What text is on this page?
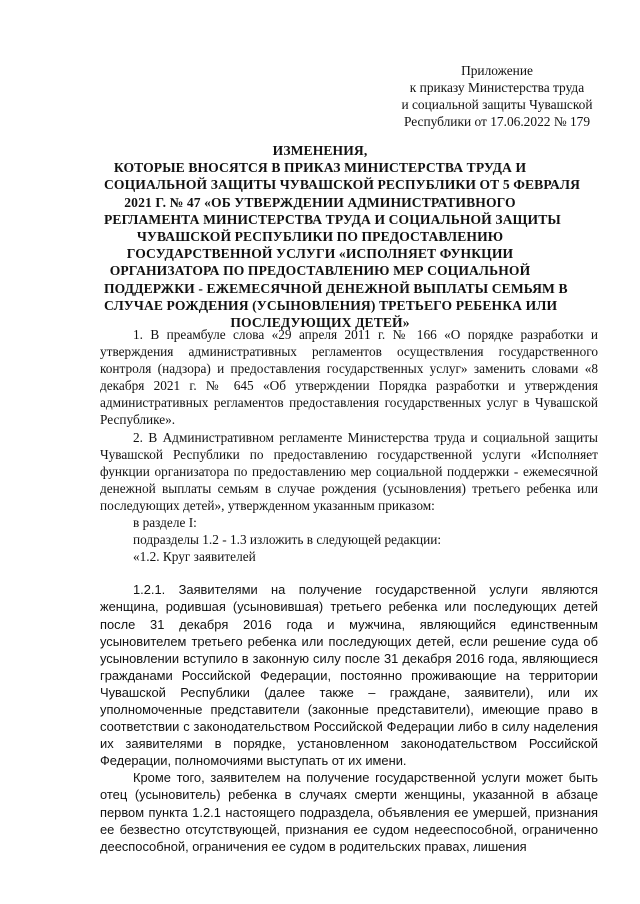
Приложение
к приказу Министерства труда
и социальной защиты Чувашской
Республики от 17.06.2022 № 179
ИЗМЕНЕНИЯ,
КОТОРЫЕ ВНОСЯТСЯ В ПРИКАЗ МИНИСТЕРСТВА ТРУДА И
СОЦИАЛЬНОЙ ЗАЩИТЫ ЧУВАШСКОЙ РЕСПУБЛИКИ ОТ 5 ФЕВРАЛЯ
2021 Г. № 47 «ОБ УТВЕРЖДЕНИИ АДМИНИСТРАТИВНОГО
РЕГЛАМЕНТА МИНИСТЕРСТВА ТРУДА И СОЦИАЛЬНОЙ ЗАЩИТЫ
ЧУВАШСКОЙ РЕСПУБЛИКИ ПО ПРЕДОСТАВЛЕНИЮ
ГОСУДАРСТВЕННОЙ УСЛУГИ «ИСПОЛНЯЕТ ФУНКЦИИ
ОРГАНИЗАТОРА ПО ПРЕДОСТАВЛЕНИЮ МЕР СОЦИАЛЬНОЙ
ПОДДЕРЖКИ - ЕЖЕМЕСЯЧНОЙ ДЕНЕЖНОЙ ВЫПЛАТЫ СЕМЬЯМ В
СЛУЧАЕ РОЖДЕНИЯ (УСЫНОВЛЕНИЯ) ТРЕТЬЕГО РЕБЕНКА ИЛИ
ПОСЛЕДУЮЩИХ ДЕТЕЙ»

1. В преамбуле слова «29 апреля 2011 г. № 166 «О порядке разработки и утверждения административных регламентов осуществления государственного контроля (надзора) и предоставления государственных услуг» заменить словами «8 декабря 2021 г. № 645 «Об утверждении Порядка разработки и утверждения административных регламентов предоставления государственных услуг в Чувашской Республике».

2. В Административном регламенте Министерства труда и социальной защиты Чувашской Республики по предоставлению государственной услуги «Исполняет функции организатора по предоставлению мер социальной поддержки - ежемесячной денежной выплаты семьям в случае рождения (усыновления) третьего ребенка или последующих детей», утвержденном указанным приказом:

в разделе I:

подразделы 1.2 - 1.3 изложить в следующей редакции:

«1.2. Круг заявителей

1.2.1. Заявителями на получение государственной услуги являются женщина, родившая (усыновившая) третьего ребенка или последующих детей после 31 декабря 2016 года и мужчина, являющийся единственным усыновителем третьего ребенка или последующих детей, если решение суда об усыновлении вступило в законную силу после 31 декабря 2016 года, являющиеся гражданами Российской Федерации, постоянно проживающие на территории Чувашской Республики (далее также – граждане, заявители), или их уполномоченные представители (законные представители), имеющие право в соответствии с законодательством Российской Федерации либо в силу наделения их заявителями в порядке, установленном законодательством Российской Федерации, полномочиями выступать от их имени.

Кроме того, заявителем на получение государственной услуги может быть отец (усыновитель) ребенка в случаях смерти женщины, указанной в абзаце первом пункта 1.2.1 настоящего подраздела, объявления ее умершей, признания ее безвестно отсутствующей, признания ее судом недееспособной, ограниченно дееспособной, ограничения ее судом в родительских правах, лишения
